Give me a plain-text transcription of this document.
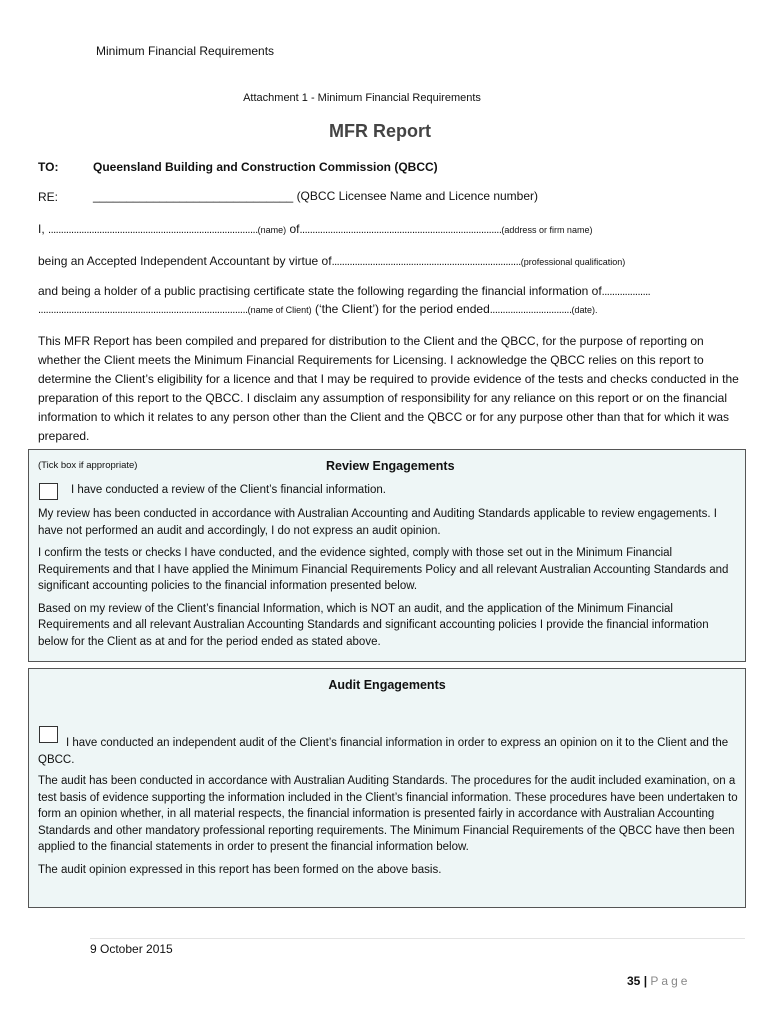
Minimum Financial Requirements
Attachment 1 - Minimum Financial Requirements
MFR Report
TO:	Queensland Building and Construction Commission (QBCC)
RE:	______________________________ (QBCC Licensee Name and Licence number)
I, ..................................................................................(name) of...............................................................................(address or firm name)
being an Accepted Independent Accountant by virtue of..........................................................................(professional qualification)
and being a holder of a public practising certificate state the following regarding the financial information of...................
..................................................................................(name of Client) (‘the Client’) for the period ended................................(date).
This MFR Report has been compiled and prepared for distribution to the Client and the QBCC, for the purpose of reporting on whether the Client meets the Minimum Financial Requirements for Licensing. I acknowledge the QBCC relies on this report to determine the Client’s eligibility for a licence and that I may be required to provide evidence of the tests and checks conducted in the preparation of this report to the QBCC. I disclaim any assumption of responsibility for any reliance on this report or on the financial information to which it relates to any person other than the Client and the QBCC or for any purpose other than that for which it was prepared.
(Tick box if appropriate)	Review Engagements
I have conducted a review of the Client’s financial information.

My review has been conducted in accordance with Australian Accounting and Auditing Standards applicable to review engagements. I have not performed an audit and accordingly, I do not express an audit opinion.

I confirm the tests or checks I have conducted, and the evidence sighted, comply with those set out in the Minimum Financial Requirements and that I have applied the Minimum Financial Requirements Policy and all relevant Australian Accounting Standards and significant accounting policies to the financial information presented below.

Based on my review of the Client’s financial Information, which is NOT an audit, and the application of the Minimum Financial Requirements and all relevant Australian Accounting Standards and significant accounting policies I provide the financial information below for the Client as at and for the period ended as stated above.

Audit Engagements
I have conducted an independent audit of the Client’s financial information in order to express an opinion on it to the Client and the QBCC.

The audit has been conducted in accordance with Australian Auditing Standards. The procedures for the audit included examination, on a test basis of evidence supporting the information included in the Client’s financial information. These procedures have been undertaken to form an opinion whether, in all material respects, the financial information is presented fairly in accordance with Australian Accounting Standards and other mandatory professional reporting requirements. The Minimum Financial Requirements of the QBCC have then been applied to the financial statements in order to present the financial information below.

The audit opinion expressed in this report has been formed on the above basis.

9 October 2015
35 | Page
